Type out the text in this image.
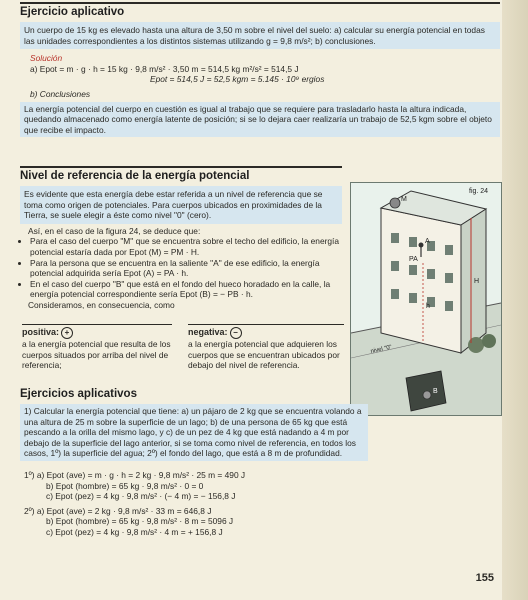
Ejercicio aplicativo

Un cuerpo de 15 kg es elevado hasta una altura de 3,50 m sobre el nivel del suelo: a) calcular su energía potencial en todas las unidades correspondientes a los distintos sistemas utilizando g = 9,8 m/s²; b) conclusiones.

Solución
a) Epot = m · g · h = 15 kg · 9,8 m/s² · 3,50 m = 514,5 kg m²/s² = 514,5 J
Epot = 514,5 J = 52,5 kgm = 5.145 · 10⁹ ergios
b) Conclusiones

La energía potencial del cuerpo en cuestión es igual al trabajo que se requiere para trasladarlo hasta la altura indicada, quedando almacenado como energía latente de posición; si se lo dejara caer realizaría un trabajo de 52,5 kgm sobre el objeto que recibe el impacto.

Nivel de referencia de la energía potencial

Es evidente que esta energía debe estar referida a un nivel de referencia que se toma como origen de potenciales. Para cuerpos ubicados en proximidades de la Tierra, se suele elegir a éste como nivel "0" (cero).

Así, en el caso de la figura 24, se deduce que:

• Para el caso del cuerpo "M" que se encuentra sobre el techo del edificio, la energía potencial estaría dada por Epot (M) = PM · H.
• Para la persona que se encuentra en la saliente "A" de ese edificio, la energía potencial adquirida sería Epot (A) = PA · h.
• En el caso del cuerpo "B" que está en el fondo del hueco horadado en la calle, la energía potencial correspondiente sería Epot (B) = − PB · h.

Consideramos, en consecuencia, como

positiva: +

a la energía potencial que resulta de los cuerpos situados por arriba del nivel de referencia;

negativa: −

a la energía potencial que adquieren los cuerpos que se encuentran ubicados por debajo del nivel de referencia.

fig. 24
M
A
PA
h
H
B
nivel "0"
Ejercicios aplicativos

1) Calcular la energía potencial que tiene: a) un pájaro de 2 kg que se encuentra volando a una altura de 25 m sobre la superficie de un lago; b) de una persona de 65 kg que está pescando a la orilla del mismo lago, y c) de un pez de 4 kg que está nadando a 4 m por debajo de la superficie del lago anterior, si se toma como nivel de referencia, en todos los casos, 1º) la superficie del agua; 2º) el fondo del lago, que está a 8 m de profundidad.

1º) a) Epot (ave) = m · g · h = 2 kg · 9,8 m/s² · 25 m = 490 J
b) Epot (hombre) = 65 kg · 9,8 m/s² · 0 = 0
c) Epot (pez) = 4 kg · 9,8 m/s² · (− 4 m) = − 156,8 J
2º) a) Epot (ave) = 2 kg · 9,8 m/s² · 33 m = 646,8 J
b) Epot (hombre) = 65 kg · 9,8 m/s² · 8 m = 5096 J
c) Epot (pez) = 4 kg · 9,8 m/s² · 4 m = + 156,8 J
155
